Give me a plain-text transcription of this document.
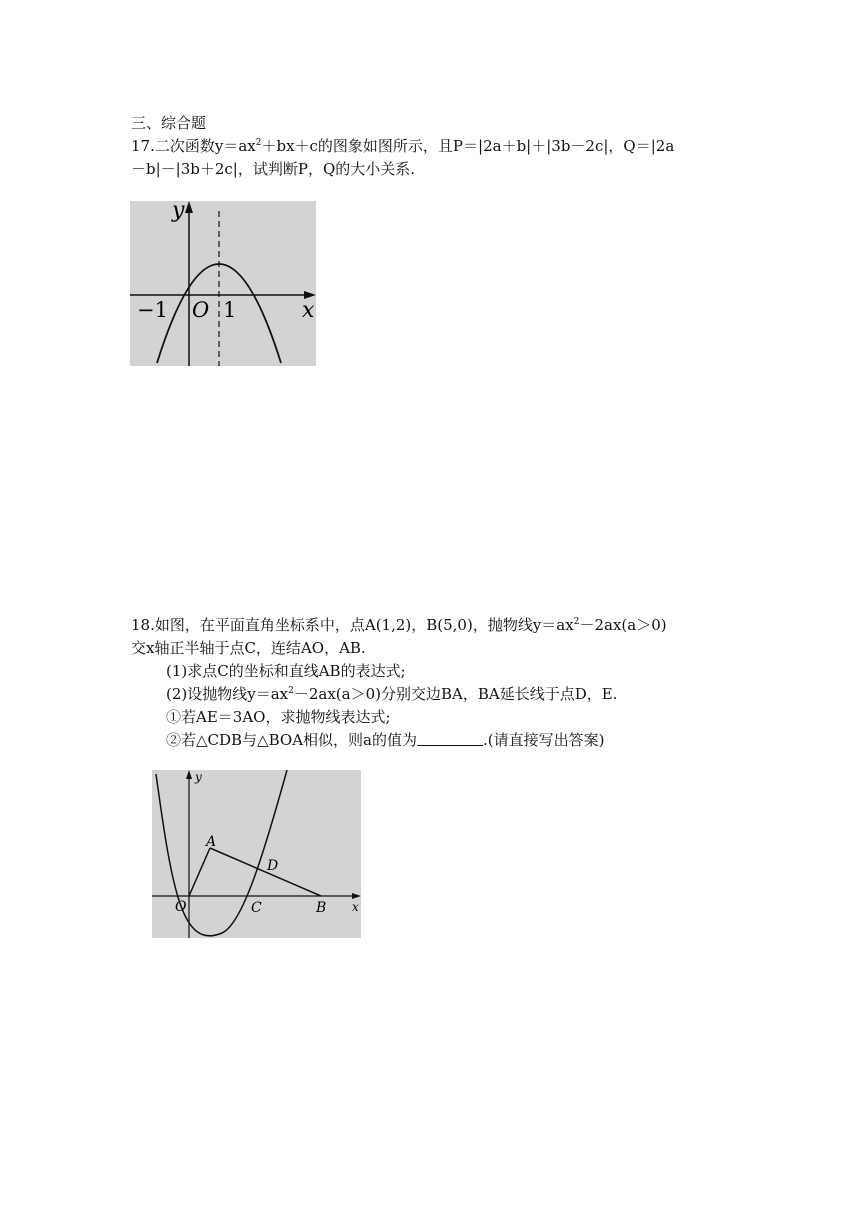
三、综合题
17.二次函数$y=ax^2+bx+c$的图象如图所示，且P＝|2a＋b|＋|3b－2c|，Q＝|2a
－b|－|3b＋2c|，试判断P，Q的大小关系.
y
x
O
−1	1
18.如图，在平面直角坐标系中，点A(1,2)，B(5,0)，抛物线$y=ax^2-2ax(a>0)$
交x轴正半轴于点C，连结AO，AB.
(1)求点C的坐标和直线AB的表达式;
(2)设抛物线$y=ax^2-2ax(a>0)$分别交边BA，BA延长线于点D，E.
①若AE＝3AO，求抛物线表达式;
②若△CDB与△BOA相似，则a的值为	.(请直接写出答案)
y
x
O
A
B
C
D
